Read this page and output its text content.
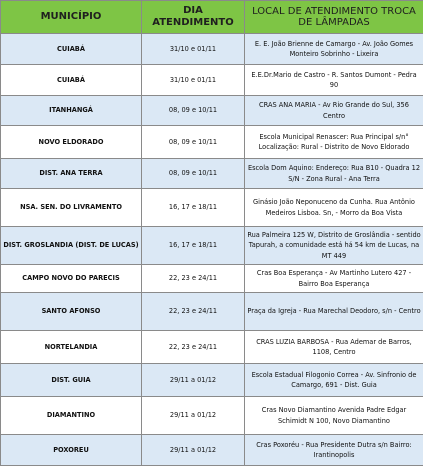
MUNICÍPIO	DIA ATENDIMENTO	LOCAL DE ATENDIMENTO TROCA DE LÂMPADAS
CUIABÁ	31/10 e 01/11	E. E. João Brienne de Camargo - Av. João Gomes Monteiro Sobrinho - Lixeira
CUIABÁ	31/10 e 01/11	E.E.Dr.Mario de Castro - R. Santos Dumont - Pedra 90
ITANHANGÁ	08, 09 e 10/11	CRAS ANA MARIA - Av Rio Grande do Sul, 356 Centro
NOVO ELDORADO	08, 09 e 10/11	Escola Municipal Renascer: Rua Principal s/n° Localização: Rural - Distrito de Novo Eldorado

DIST. ANA TERRA	08, 09 e 10/11	Escola Dom Aquino: Endereço: Rua B10 - Quadra 12 S/N - Zona Rural - Ana Terra
NSA. SEN. DO LIVRAMENTO	16, 17 e 18/11	Ginásio João Neponuceno da Cunha. Rua Antônio Medeiros Lisboa. Sn, - Morro da Boa Vista
DIST. GROSLANDIA (DIST. DE LUCAS)	16, 17 e 18/11	Rua Palmeira 125 W, Distrito de Groslândia - sentido Tapurah, a comunidade está há 54 km de Lucas, na MT 449
CAMPO NOVO DO PARECIS	22, 23 e 24/11	Cras Boa Esperança - Av Martinho Lutero 427 - Bairro Boa Esperança
SANTO AFONSO	22, 23 e 24/11	Praça da Igreja - Rua Marechal Deodoro, s/n - Centro
NORTELANDIA	22, 23 e 24/11	CRAS LUZIA BARBOSA - Rua Ademar de Barros, 1108, Centro
DIST. GUIA	29/11 a 01/12	Escola Estadual Filogonio Correa - Av. Sinfronio de Camargo, 691 - Dist. Guia
DIAMANTINO	29/11 a 01/12	Cras Novo Diamantino Avenida Padre Edgar Schimidt N 100, Novo Diamantino
POXOREU	29/11 a 01/12	Cras Poxoréu - Rua Presidente Dutra s/n Bairro: Irantinopolis
